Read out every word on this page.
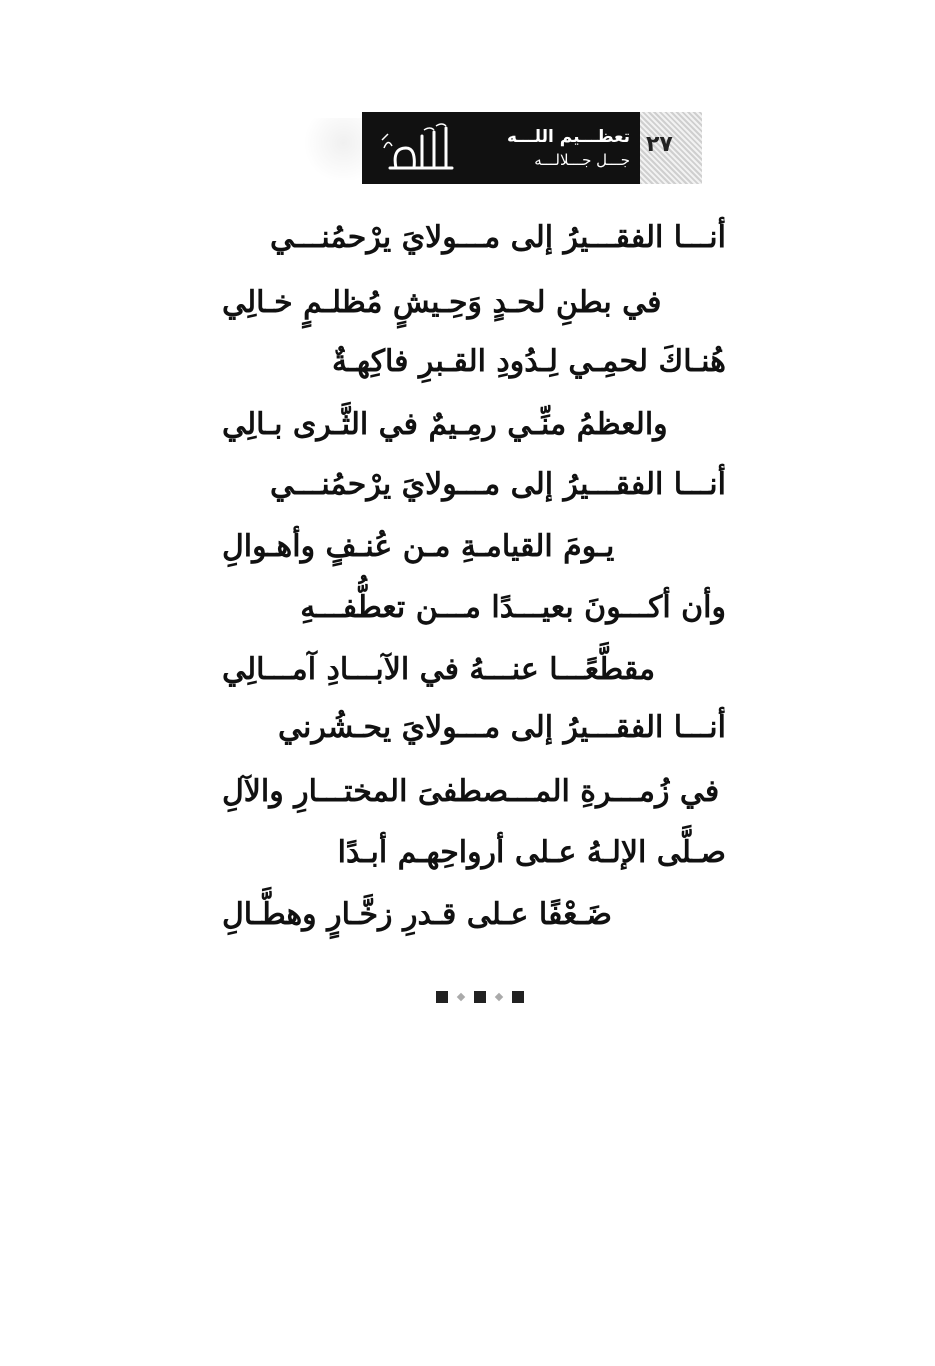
٢٧
تعظـــيم اللـــه
جـــل جـــلالـــه
أنـــا الفقـــيرُ إلى مـــولايَ يرْحمُنـــي
في بطنِ لحـدٍ وَحِـيشٍ مُظلـمٍ خـالِي
هُنـاكَ لحمِـي لِـدُودِ القـبرِ فاكِهـةٌ
والعظمُ منِّـي رمِـيمٌ في الثَّـرى بـالِي
أنـــا الفقـــيرُ إلى مـــولايَ يرْحمُنـــي
يـومَ القيامـةِ مـن عُنـفٍ وأهـوالِ
وأن أكـــونَ بعيـــدًا مـــن تعطُّفـــهِ
مقطَّعًـــا عنـــهُ في الآبـــادِ آمـــالِي
أنـــا الفقـــيرُ إلى مـــولايَ يحـشُرني
في زُمـــرةِ المـــصطفىَ المختـــارِ والآلِ
صـلَّى الإلـهُ عـلى أرواحِهـم أبـدًا
ضَـعْفًا عـلى قـدرِ زخَّـارٍ وهطَّـالِ
